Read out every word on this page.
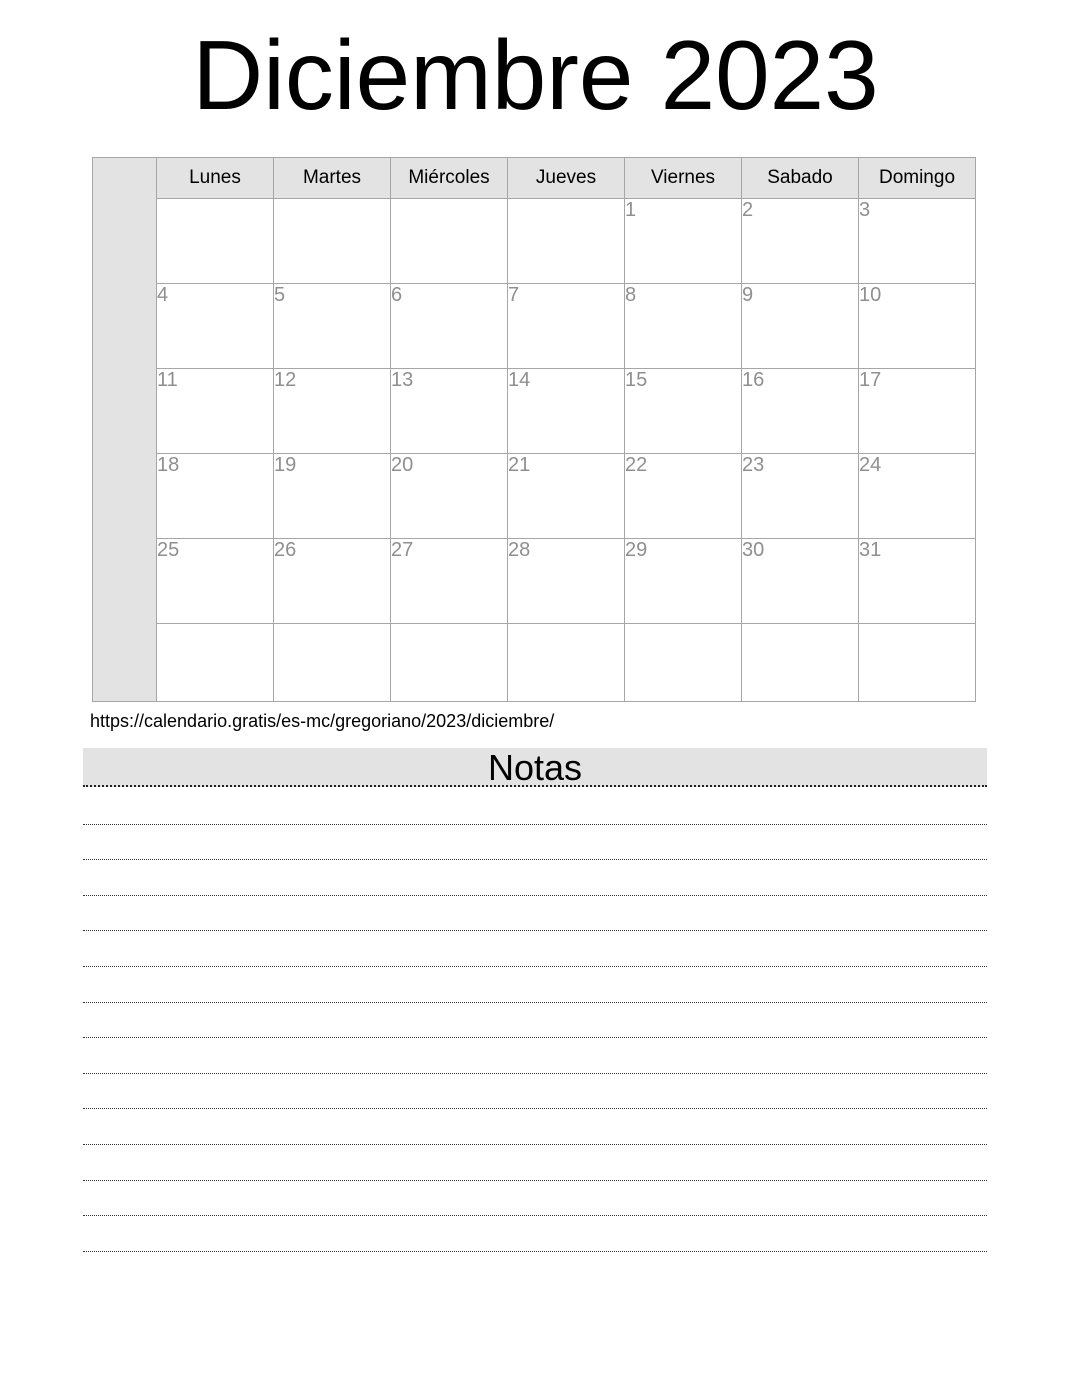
Diciembre 2023
	Lunes	Martes	Miércoles	Jueves	Viernes	Sabado	Domingo
					1	2	3
	4	5	6	7	8	9	10
	11	12	13	14	15	16	17
	18	19	20	21	22	23	24
	25	26	27	28	29	30	31

https://calendario.gratis/es-mc/gregoriano/2023/diciembre/
Notas
